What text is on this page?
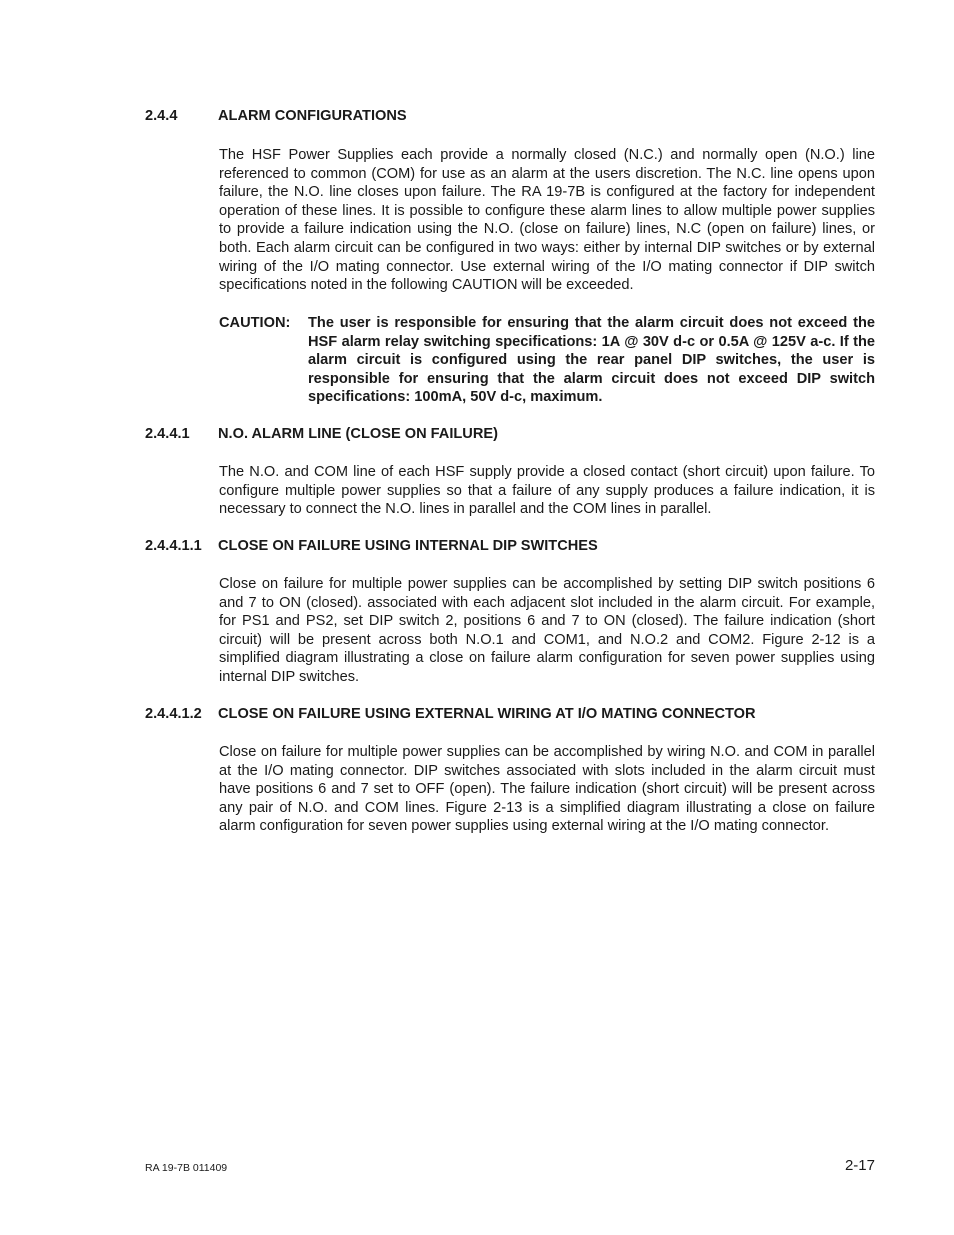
2.4.4	ALARM CONFIGURATIONS

The HSF Power Supplies each provide a normally closed (N.C.) and normally open (N.O.) line referenced to common (COM) for use as an alarm at the users discretion. The N.C. line opens upon failure, the N.O. line closes upon failure. The RA 19-7B is configured at the factory for independent operation of these lines. It is possible to configure these alarm lines to allow multiple power supplies to provide a failure indication using the N.O. (close on failure) lines, N.C (open on failure) lines, or both. Each alarm circuit can be configured in two ways: either by internal DIP switches or by external wiring of the I/O mating connector. Use external wiring of the I/O mating connector if DIP switch specifications noted in the following CAUTION will be exceeded.

CAUTION: The user is responsible for ensuring that the alarm circuit does not exceed the HSF alarm relay switching specifications: 1A @ 30V d-c or 0.5A @ 125V a-c. If the alarm circuit is configured using the rear panel DIP switches, the user is responsible for ensuring that the alarm circuit does not exceed DIP switch specifications: 100mA, 50V d-c, maximum.
2.4.4.1 N.O. ALARM LINE (CLOSE ON FAILURE)

The N.O. and COM line of each HSF supply provide a closed contact (short circuit) upon failure. To configure multiple power supplies so that a failure of any supply produces a failure indication, it is necessary to connect the N.O. lines in parallel and the COM lines in parallel.

2.4.4.1.1 CLOSE ON FAILURE USING INTERNAL DIP SWITCHES

Close on failure for multiple power supplies can be accomplished by setting DIP switch positions 6 and 7 to ON (closed). associated with each adjacent slot included in the alarm circuit. For example, for PS1 and PS2, set DIP switch 2, positions 6 and 7 to ON (closed). The failure indication (short circuit) will be present across both N.O.1 and COM1, and N.O.2 and COM2. Figure 2-12 is a simplified diagram illustrating a close on failure alarm configuration for seven power supplies using internal DIP switches.

2.4.4.1.2 CLOSE ON FAILURE USING EXTERNAL WIRING AT I/O MATING CONNECTOR

Close on failure for multiple power supplies can be accomplished by wiring N.O. and COM in parallel at the I/O mating connector. DIP switches associated with slots included in the alarm circuit must have positions 6 and 7 set to OFF (open). The failure indication (short circuit) will be present across any pair of N.O. and COM lines. Figure 2-13 is a simplified diagram illustrating a close on failure alarm configuration for seven power supplies using external wiring at the I/O mating connector.

RA 19-7B 011409	2-17
